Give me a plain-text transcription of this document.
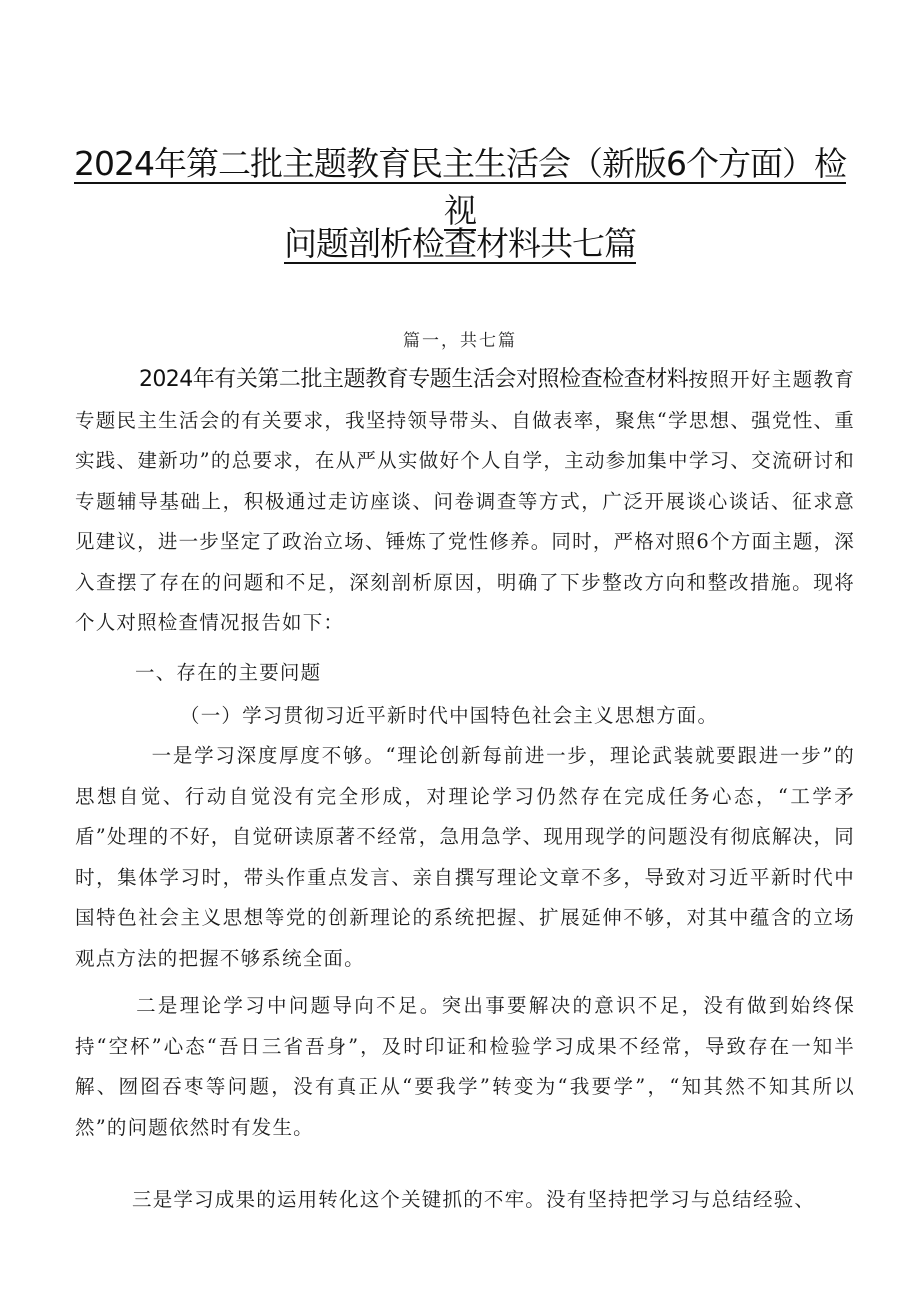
2024年第二批主题教育民主生活会（新版6个方面）检视
问题剖析检查材料共七篇
篇一，共七篇
2024年有关第二批主题教育专题生活会对照检查检查材料按照开好主题教育专题民主生活会的有关要求，我坚持领导带头、自做表率，聚焦“学思想、强党性、重实践、建新功”的总要求，在从严从实做好个人自学，主动参加集中学习、交流研讨和专题辅导基础上，积极通过走访座谈、问卷调查等方式，广泛开展谈心谈话、征求意见建议，进一步坚定了政治立场、锤炼了党性修养。同时，严格对照6个方面主题，深入查摆了存在的问题和不足，深刻剖析原因，明确了下步整改方向和整改措施。现将个人对照检查情况报告如下：
一、存在的主要问题
（一）学习贯彻习近平新时代中国特色社会主义思想方面。
一是学习深度厚度不够。“理论创新每前进一步，理论武装就要跟进一步”的思想自觉、行动自觉没有完全形成，对理论学习仍然存在完成任务心态，“工学矛盾”处理的不好，自觉研读原著不经常，急用急学、现用现学的问题没有彻底解决，同时，集体学习时，带头作重点发言、亲自撰写理论文章不多，导致对习近平新时代中国特色社会主义思想等党的创新理论的系统把握、扩展延伸不够，对其中蕴含的立场观点方法的把握不够系统全面。
二是理论学习中问题导向不足。突出事要解决的意识不足，没有做到始终保持“空杯”心态“吾日三省吾身”，及时印证和检验学习成果不经常，导致存在一知半解、囫囵吞枣等问题，没有真正从“要我学”转变为“我要学”，“知其然不知其所以然”的问题依然时有发生。
三是学习成果的运用转化这个关键抓的不牢。没有坚持把学习与总结经验、
